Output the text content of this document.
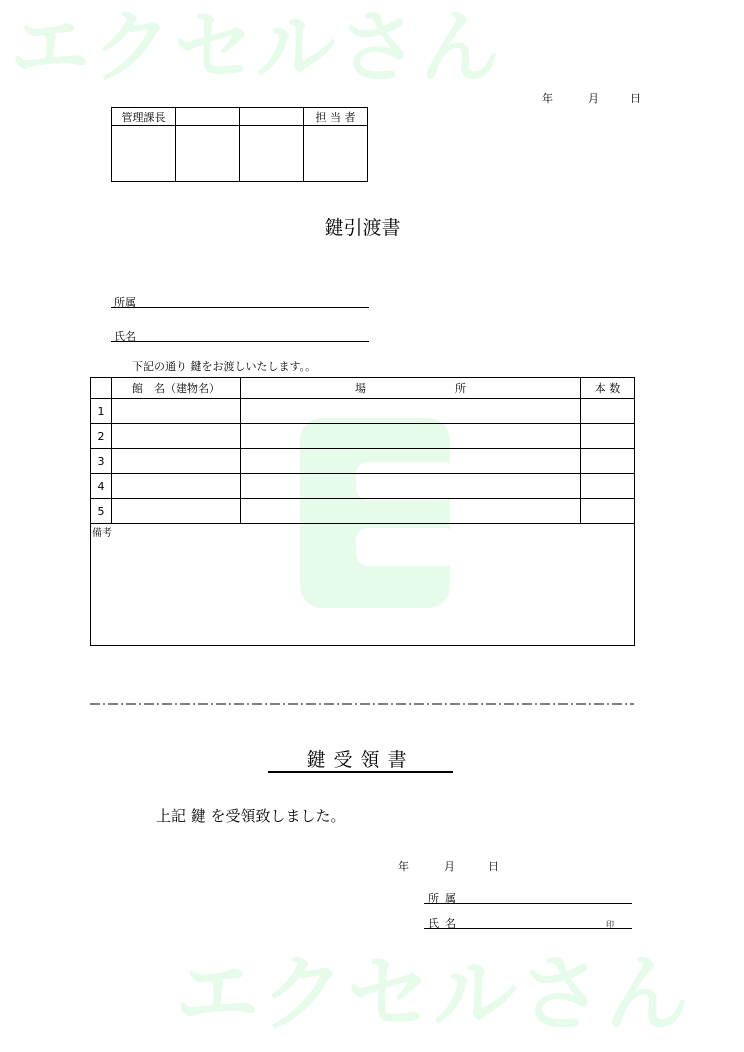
エクセルさん
エクセルさん
年	月	日
管理課長			担 当 者

鍵引渡書
所属
氏名
下記の通り 鍵をお渡しいたします。。
	館　名（建物名）	場 所	本 数
1			
2			
3			
4			
5			
備考			
鍵受領書
上記 鍵 を受領致しました。
年	月	日
所属
氏名	印
